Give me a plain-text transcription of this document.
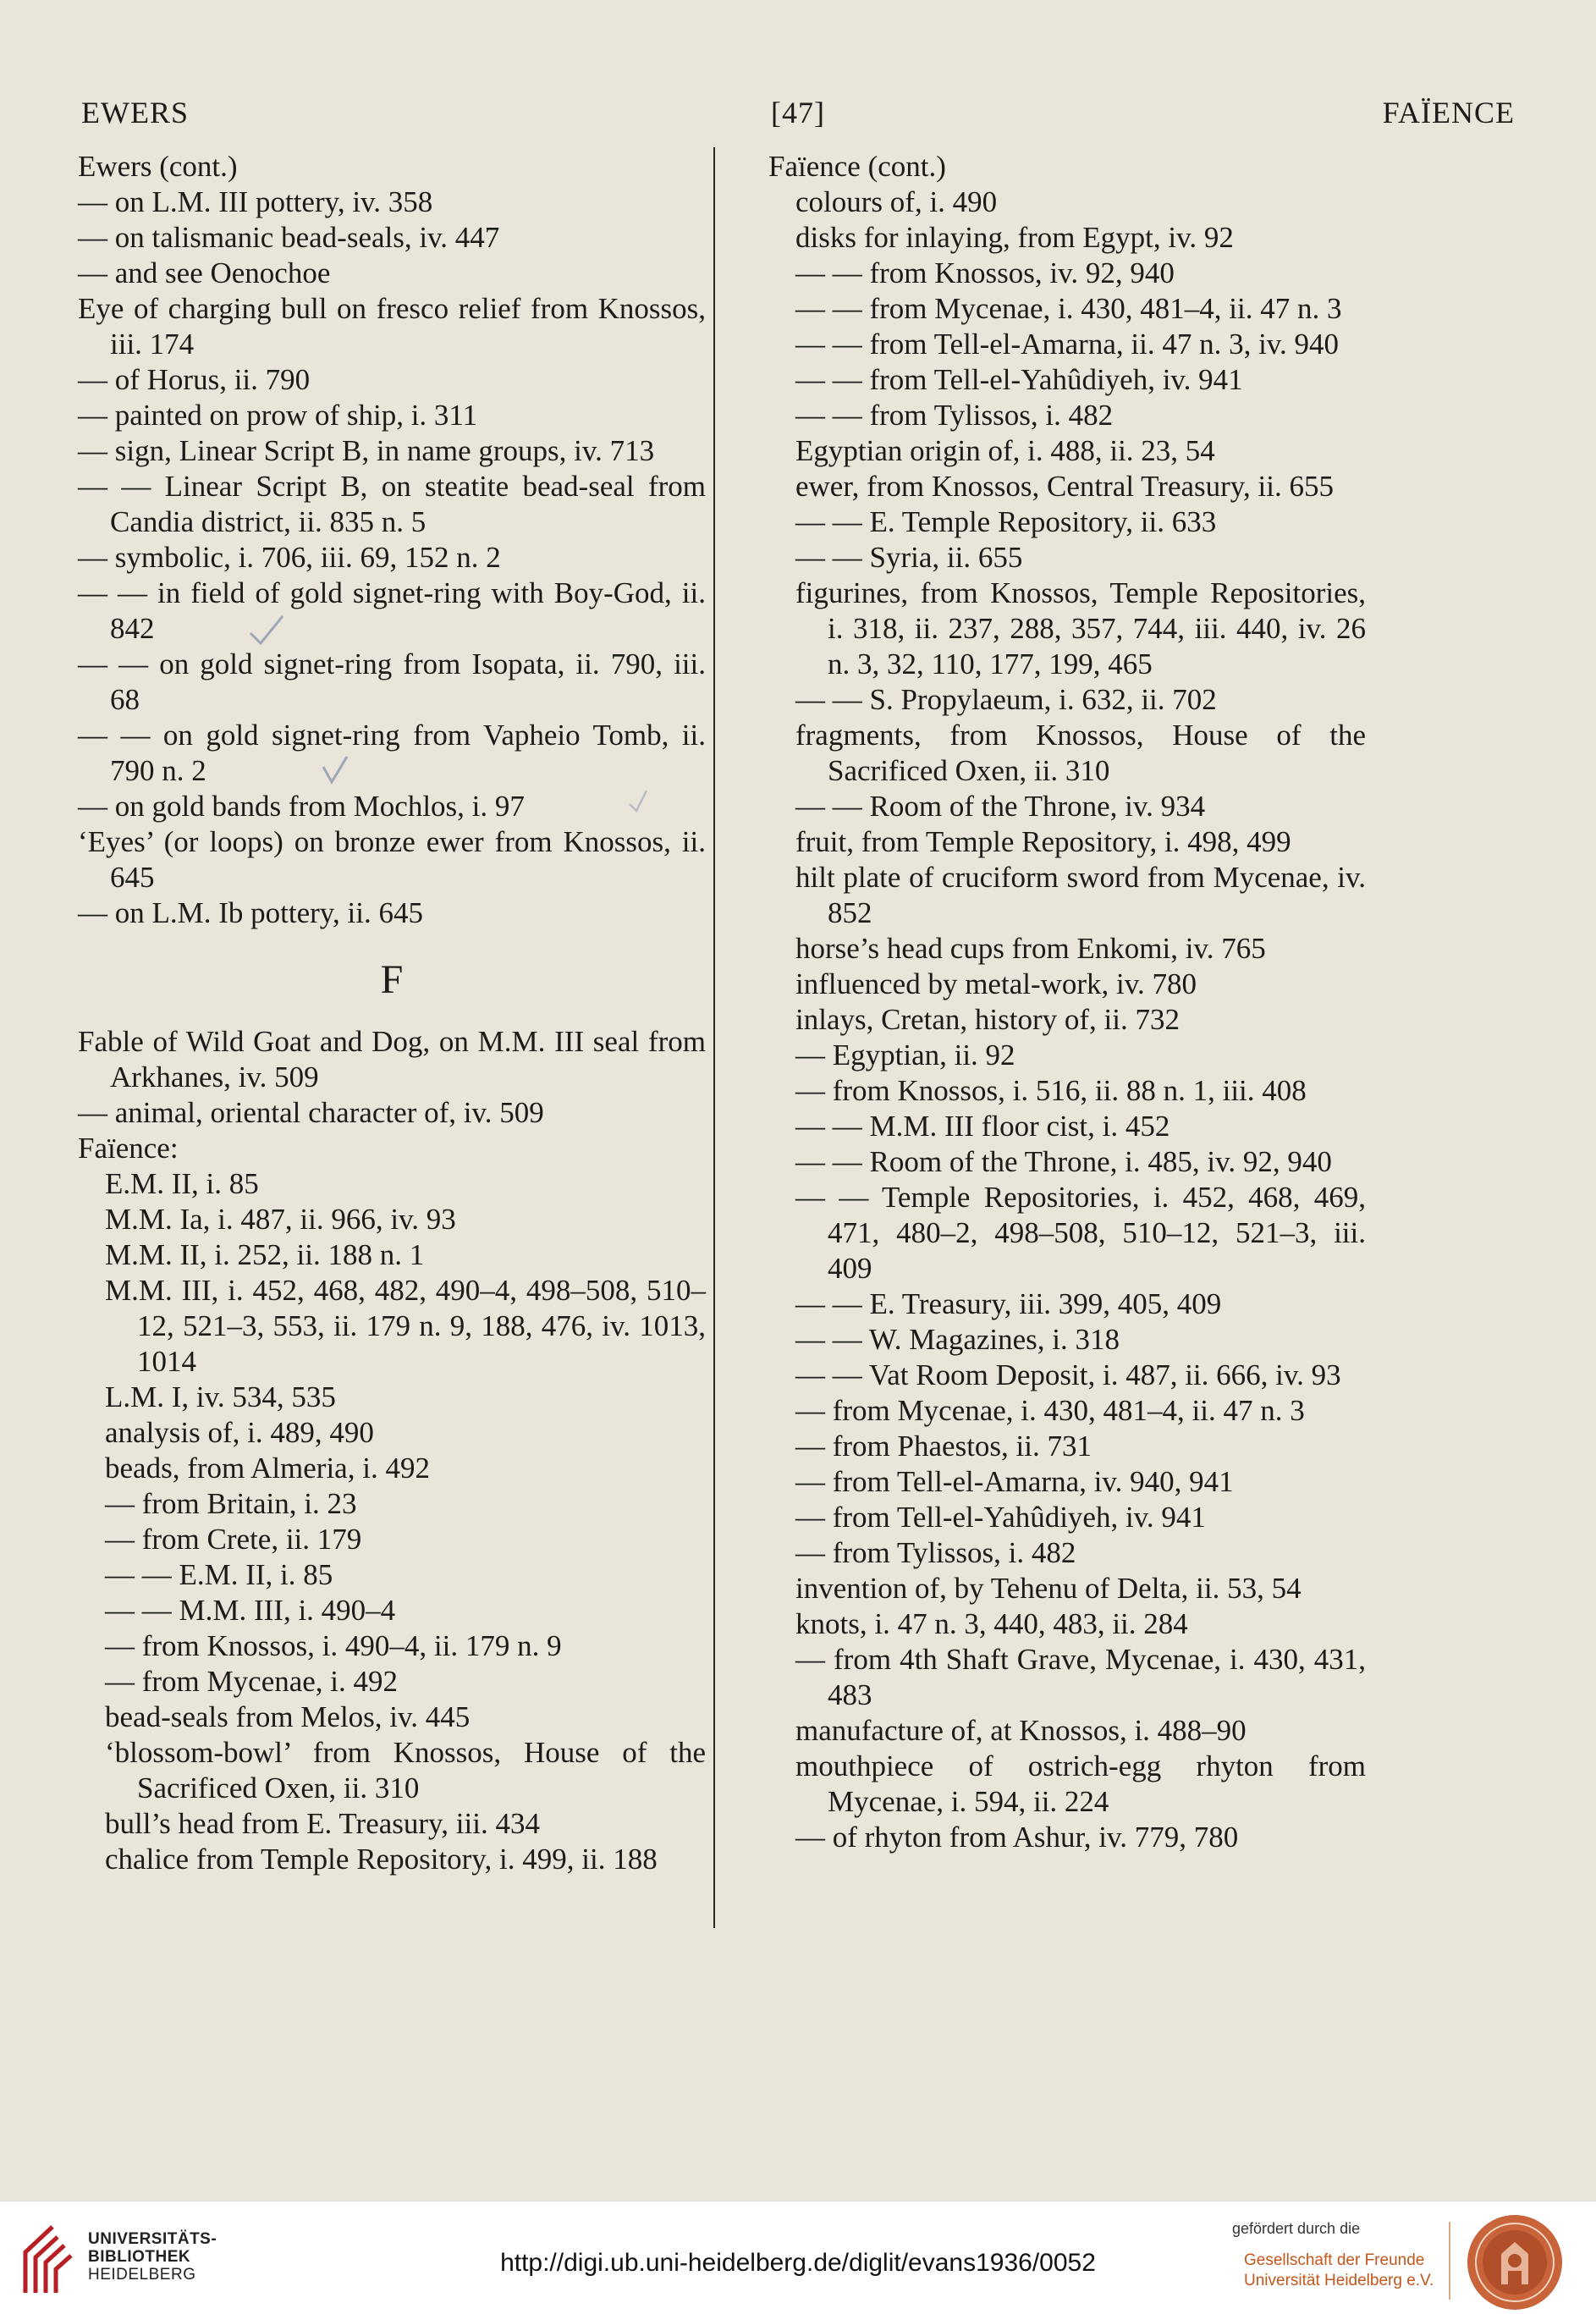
EWERS	[47]	FAÏENCE
Ewers (cont.)
— on L.M. III pottery, iv. 358
— on talismanic bead-seals, iv. 447
— and see Oenochoe
Eye of charging bull on fresco relief from Knossos, iii. 174
— of Horus, ii. 790
— painted on prow of ship, i. 311
— sign, Linear Script B, in name groups, iv. 713
— — Linear Script B, on steatite bead-seal from Candia district, ii. 835 n. 5
— symbolic, i. 706, iii. 69, 152 n. 2
— — in field of gold signet-ring with Boy-God, ii. 842
— — on gold signet-ring from Isopata, ii. 790, iii. 68
— — on gold signet-ring from Vapheio Tomb, ii. 790 n. 2
— on gold bands from Mochlos, i. 97
‘Eyes’ (or loops) on bronze ewer from Knossos, ii. 645
— on L.M. Ib pottery, ii. 645
F
Fable of Wild Goat and Dog, on M.M. III seal from Arkhanes, iv. 509
— animal, oriental character of, iv. 509
Faïence:
E.M. II, i. 85
M.M. Ia, i. 487, ii. 966, iv. 93
M.M. II, i. 252, ii. 188 n. 1
M.M. III, i. 452, 468, 482, 490–4, 498–508, 510–12, 521–3, 553, ii. 179 n. 9, 188, 476, iv. 1013, 1014
L.M. I, iv. 534, 535
analysis of, i. 489, 490
beads, from Almeria, i. 492
— from Britain, i. 23
— from Crete, ii. 179
— — E.M. II, i. 85
— — M.M. III, i. 490–4
— from Knossos, i. 490–4, ii. 179 n. 9
— from Mycenae, i. 492
bead-seals from Melos, iv. 445
‘blossom-bowl’ from Knossos, House of the Sacrificed Oxen, ii. 310
bull’s head from E. Treasury, iii. 434
chalice from Temple Repository, i. 499, ii. 188
Faïence (cont.)
colours of, i. 490
disks for inlaying, from Egypt, iv. 92
— — from Knossos, iv. 92, 940
— — from Mycenae, i. 430, 481–4, ii. 47 n. 3
— — from Tell-el-Amarna, ii. 47 n. 3, iv. 940
— — from Tell-el-Yahûdiyeh, iv. 941
— — from Tylissos, i. 482
Egyptian origin of, i. 488, ii. 23, 54
ewer, from Knossos, Central Treasury, ii. 655
— — E. Temple Repository, ii. 633
— — Syria, ii. 655
figurines, from Knossos, Temple Repositories, i. 318, ii. 237, 288, 357, 744, iii. 440, iv. 26 n. 3, 32, 110, 177, 199, 465
— — S. Propylaeum, i. 632, ii. 702
fragments, from Knossos, House of the Sacrificed Oxen, ii. 310
— — Room of the Throne, iv. 934
fruit, from Temple Repository, i. 498, 499
hilt plate of cruciform sword from Mycenae, iv. 852
horse’s head cups from Enkomi, iv. 765
influenced by metal-work, iv. 780
inlays, Cretan, history of, ii. 732
— Egyptian, ii. 92
— from Knossos, i. 516, ii. 88 n. 1, iii. 408
— — M.M. III floor cist, i. 452
— — Room of the Throne, i. 485, iv. 92, 940
— — Temple Repositories, i. 452, 468, 469, 471, 480–2, 498–508, 510–12, 521–3, iii. 409
— — E. Treasury, iii. 399, 405, 409
— — W. Magazines, i. 318
— — Vat Room Deposit, i. 487, ii. 666, iv. 93
— from Mycenae, i. 430, 481–4, ii. 47 n. 3
— from Phaestos, ii. 731
— from Tell-el-Amarna, iv. 940, 941
— from Tell-el-Yahûdiyeh, iv. 941
— from Tylissos, i. 482
invention of, by Tehenu of Delta, ii. 53, 54
knots, i. 47 n. 3, 440, 483, ii. 284
— from 4th Shaft Grave, Mycenae, i. 430, 431, 483
manufacture of, at Knossos, i. 488–90
mouthpiece of ostrich-egg rhyton from Mycenae, i. 594, ii. 224
— of rhyton from Ashur, iv. 779, 780
UNIVERSITÄTS-
BIBLIOTHEK
HEIDELBERG	http://digi.ub.uni-heidelberg.de/diglit/evans1936/0052
gefördert durch die
Gesellschaft der Freunde
Universität Heidelberg e.V.
